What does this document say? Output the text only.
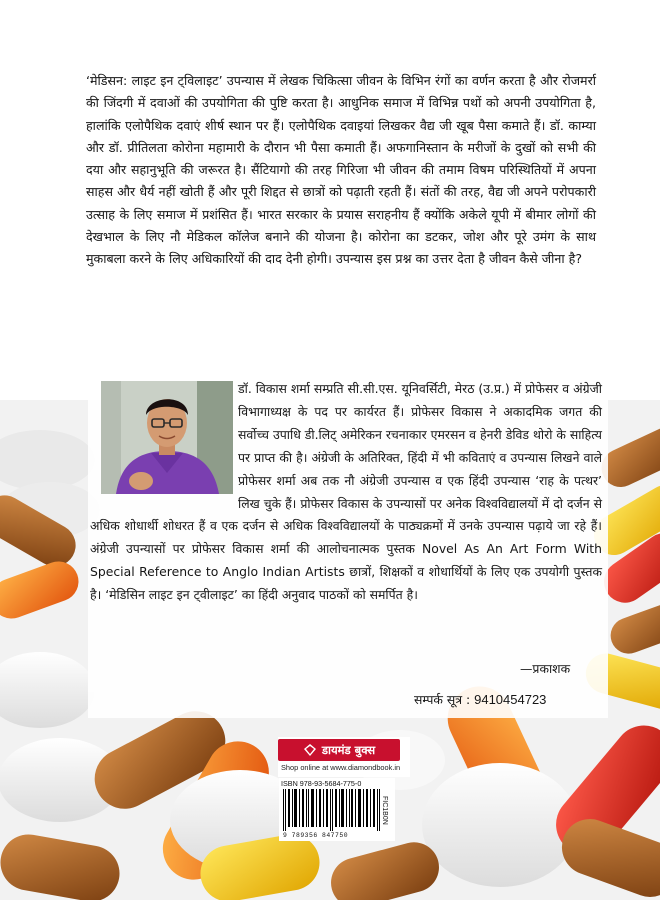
‘मेडिसन: लाइट इन ट्विलाइट’ उपन्यास में लेखक चिकित्सा जीवन के विभिन रंगों का वर्णन करता है और रोजमर्रा की जिंदगी में दवाओं की उपयोगिता की पुष्टि करता है। आधुनिक समाज में विभिन्न पथों को अपनी उपयोगिता है, हालांकि एलोपैथिक दवाएं शीर्ष स्थान पर हैं। एलोपैथिक दवाइयां लिखकर वैद्य जी खूब पैसा कमाते हैं। डॉ. काम्या और डॉ. प्रीतिलता कोरोना महामारी के दौरान भी पैसा कमाती हैं। अफगानिस्तान के मरीजों के दुखों को सभी की दया और सहानुभूति की जरूरत है। सैंटियागो की तरह गिरिजा भी जीवन की तमाम विषम परिस्थितियों में अपना साहस और धैर्य नहीं खोती हैं और पूरी शिद्दत से छात्रों को पढ़ाती रहती हैं। संतों की तरह, वैद्य जी अपने परोपकारी उत्साह के लिए समाज में प्रशंसित हैं। भारत सरकार के प्रयास सराहनीय हैं क्योंकि अकेले यूपी में बीमार लोगों की देखभाल के लिए नौ मेडिकल कॉलेज बनाने की योजना है। कोरोना का डटकर, जोश और पूरे उमंग के साथ मुकाबला करने के लिए अधिकारियों की दाद देनी होगी। उपन्यास इस प्रश्न का उत्तर देता है जीवन कैसे जीना है?

डॉ. विकास शर्मा सम्प्रति सी.सी.एस. यूनिवर्सिटी, मेरठ (उ.प्र.) में प्रोफेसर व अंग्रेजी विभागाध्यक्ष के पद पर कार्यरत हैं। प्रोफेसर विकास ने अकादमिक जगत की सर्वोच्च उपाधि डी.लिट् अमेरिकन रचनाकार एमरसन व हेनरी डेविड थोरो के साहित्य पर प्राप्त की है। अंग्रेजी के अतिरिक्त, हिंदी में भी कविताएं व उपन्यास लिखने वाले प्रोफेसर शर्मा अब तक नौ अंग्रेजी उपन्यास व एक हिंदी उपन्यास ‘राह के पत्थर’ लिख चुके हैं। प्रोफेसर विकास के उपन्यासों पर अनेक विश्वविद्यालयों में दो दर्जन से अधिक शोधार्थी शोधरत हैं व एक दर्जन से अधिक विश्वविद्यालयों के पाठ्यक्रमों में उनके उपन्यास पढ़ाये जा रहे हैं। अंग्रेजी उपन्यासों पर प्रोफेसर विकास शर्मा की आलोचनात्मक पुस्तक Novel As An Art Form With Special Reference to Anglo Indian Artists छात्रों, शिक्षकों व शोधार्थियों के लिए एक उपयोगी पुस्तक है। ‘मेडिसिन लाइट इन ट्वीलाइट’ का हिंदी अनुवाद पाठकों को समर्पित है।
—प्रकाशक
सम्पर्क सूत्र : 9410454723
डायमंड बुक्स
Shop online at www.diamondbook.in
ISBN 978-93-5684-775-0
FIC1B0N
9 789356 847750
